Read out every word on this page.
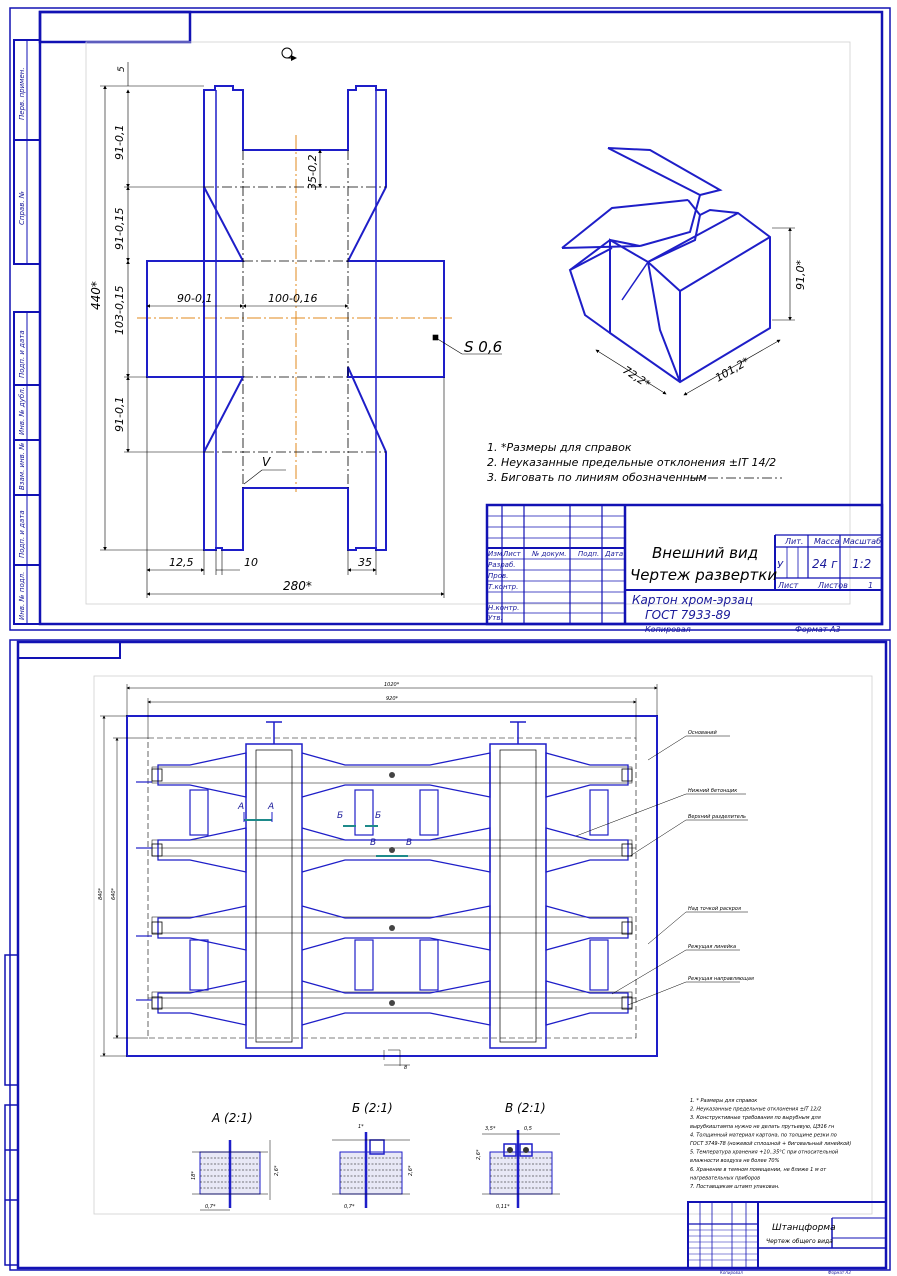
Перв. примен.
Справ. №
Подп. и дата
Инв. № дубл.
Взам. инв. №
Подп. и дата
Инв. № подл.
5
91-0,1
91-0,15
103-0,15
91-0,1
440*	90-0,1	100-0,16
35-0,2
12,5	10	35
280*
S 0,6
V
91,0*
72,2*	101,2*
1. *Размеры для справок
2. Неуказанные предельные отклонения ±IT 14/2
3. Биговать по линиям обозначенным
Изм Лист № докум. Подп. Дата
Разраб.
Пров.
Т.контр.
Н.контр.
Утв.
Внешний вид
Чертеж развертки
Картон хром-эрзац
ГОСТ 7933-89
Лит. Масса Масштаб
У 24 г 1:2
Лист Листов	1
Копировал	Формат А3
1020*
920*
840* 640*
8
А	А
Б	Б
В	В
Оснований
Нижний бетонщик
Верхний разделитель
Над точкой раскроя
Режущая линейка
Режущая направляющая
A (2:1)
Б (2:1)	В (2:1)
2,6*
18*
0,7*
1*
2,6*
0,7*
3,5*	0,5
2,6*
0,11*
1. * Размеры для справок
2. Неуказанные предельные отклонения ±IT 12/2
3. Конструктивные требования по вырубным для
вырубкиштампа нужно не делать прутьевую, ЦЭ16 гн
4. Толщинный материал картона, по толщине резки по
ГОСТ 3749-78 (ножевой сплошной + биговальный линейкой)
5. Температура хранения +10..35°С при относительной
влажности воздуха не более 70%
6. Хранение в темном помещении, не ближе 1 м от
нагревательных приборов
7. Поставщикам штамп упакован.
Штанцформа
Чертеж общего вида
Копировал	Формат А3
